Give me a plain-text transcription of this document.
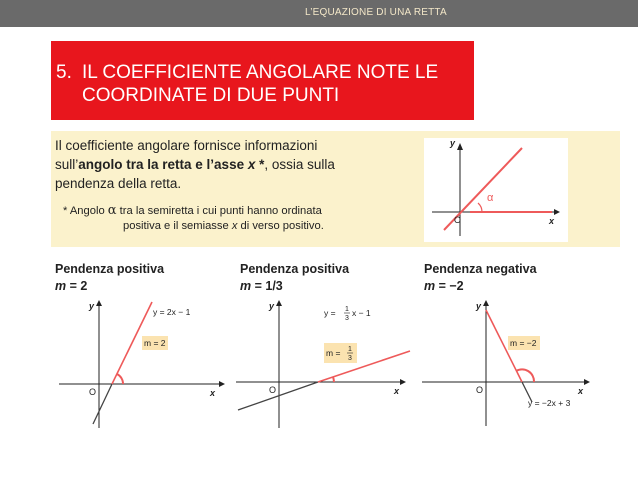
L’EQUAZIONE DI UNA RETTA
5. IL COEFFICIENTE ANGOLARE NOTE LE COORDINATE DI DUE PUNTI
Il coefficiente angolare fornisce informazioni
sull’angolo tra la retta e l’asse x *, ossia sulla
pendenza della retta.
* Angolo α tra la semiretta i cui punti hanno ordinata
positiva e il semiasse x di verso positivo.
y
x
O
α
Pendenza positiva
m = 2
y
x
O
y = 2x − 1
m = 2
Pendenza positiva
m = 1/3
y
x
O
y = 1
3
x − 1
m = 1
3
Pendenza negativa
m = −2
y
x
O
m = −2
y = −2x + 3
